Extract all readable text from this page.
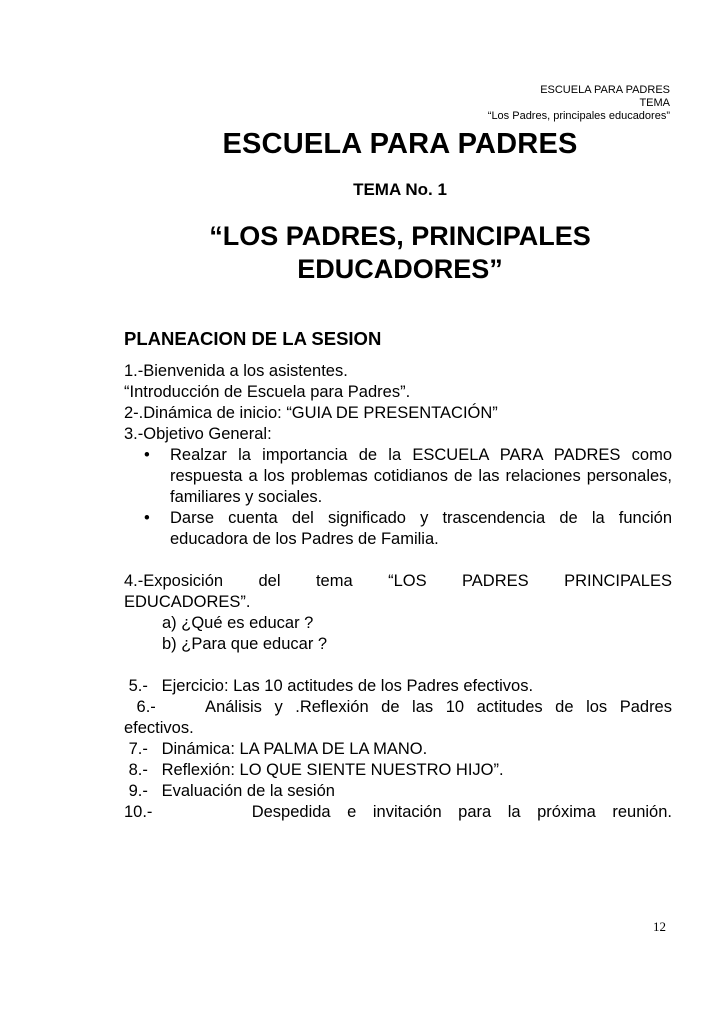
ESCUELA PARA PADRES
TEMA
“Los Padres, principales educadores”
ESCUELA PARA PADRES
TEMA No. 1
“LOS PADRES, PRINCIPALES
EDUCADORES”
PLANEACION DE LA SESION
1.-Bienvenida a los asistentes.
“Introducción de Escuela para Padres”.
2-.Dinámica de inicio: “GUIA DE PRESENTACIÓN”
3.-Objetivo General:
• Realzar la importancia de la ESCUELA PARA PADRES como respuesta a los problemas cotidianos de las relaciones personales, familiares y sociales.

• Darse cuenta del significado y trascendencia de la función educadora de los Padres de Familia.

4.-Exposición del tema “LOS PADRES PRINCIPALES
EDUCADORES”.
a) ¿Qué es educar ?
b) ¿Para que educar ?
5.-   Ejercicio: Las 10 actitudes de los Padres efectivos.
6.-    Análisis y .Reflexión de las 10 actitudes de los Padres
efectivos.
7.-   Dinámica: LA PALMA DE LA MANO.
8.-   Reflexión: LO QUE SIENTE NUESTRO HIJO”.
9.-   Evaluación de la sesión
10.-      Despedida e invitación para la próxima reunión.
12
